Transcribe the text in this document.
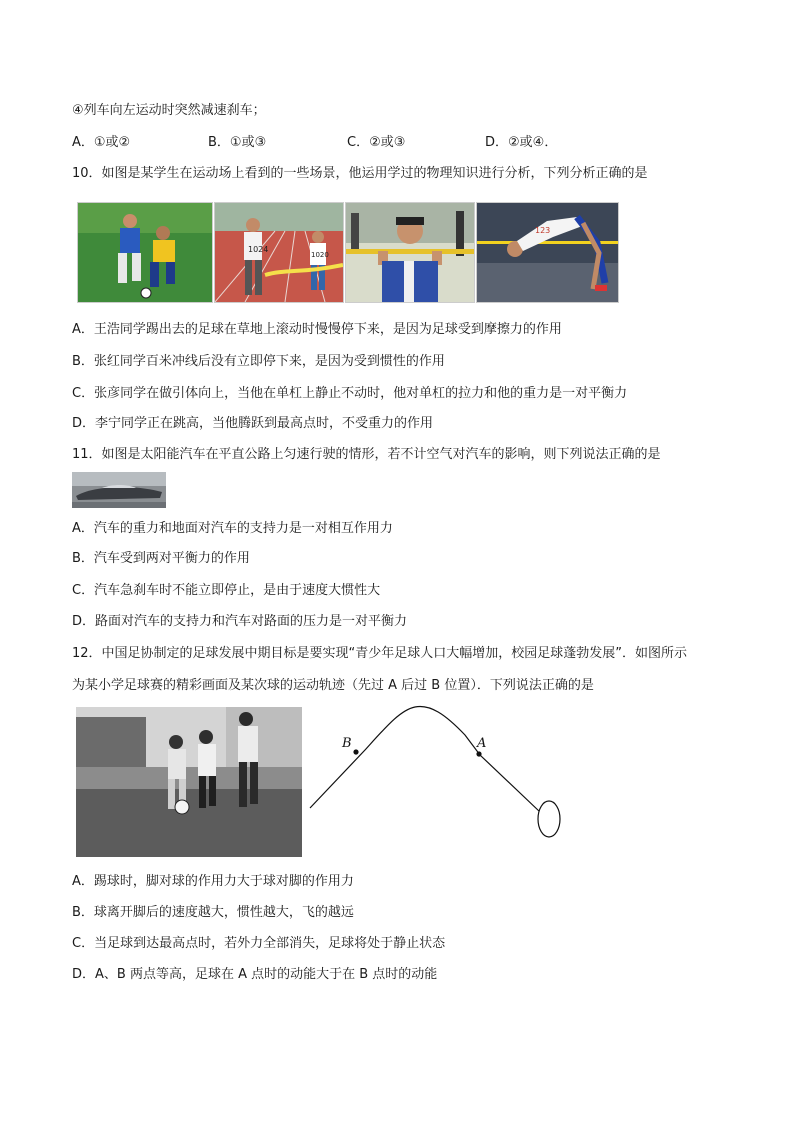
④列车向左运动时突然减速刹车；
A．①或②	B．①或③	C．②或③	D．②或④．
10．如图是某学生在运动场上看到的一些场景，他运用学过的物理知识进行分析，下列分析正确的是
1024
1020
123
A．王浩同学踢出去的足球在草地上滚动时慢慢停下来，是因为足球受到摩擦力的作用
B．张红同学百米冲线后没有立即停下来，是因为受到惯性的作用
C．张彦同学在做引体向上，当他在单杠上静止不动时，他对单杠的拉力和他的重力是一对平衡力
D．李宁同学正在跳高，当他腾跃到最高点时，不受重力的作用
11．如图是太阳能汽车在平直公路上匀速行驶的情形，若不计空气对汽车的影响，则下列说法正确的是
A．汽车的重力和地面对汽车的支持力是一对相互作用力
B．汽车受到两对平衡力的作用
C．汽车急刹车时不能立即停止，是由于速度大惯性大
D．路面对汽车的支持力和汽车对路面的压力是一对平衡力
12．中国足协制定的足球发展中期目标是要实现“青少年足球人口大幅增加，校园足球蓬勃发展”．如图所示
为某小学足球赛的精彩画面及某次球的运动轨迹（先过 A 后过 B 位置）．下列说法正确的是
B	A
A．踢球时，脚对球的作用力大于球对脚的作用力
B．球离开脚后的速度越大，惯性越大，飞的越远
C．当足球到达最高点时，若外力全部消失，足球将处于静止状态
D．A、B 两点等高，足球在 A 点时的动能大于在 B 点时的动能
